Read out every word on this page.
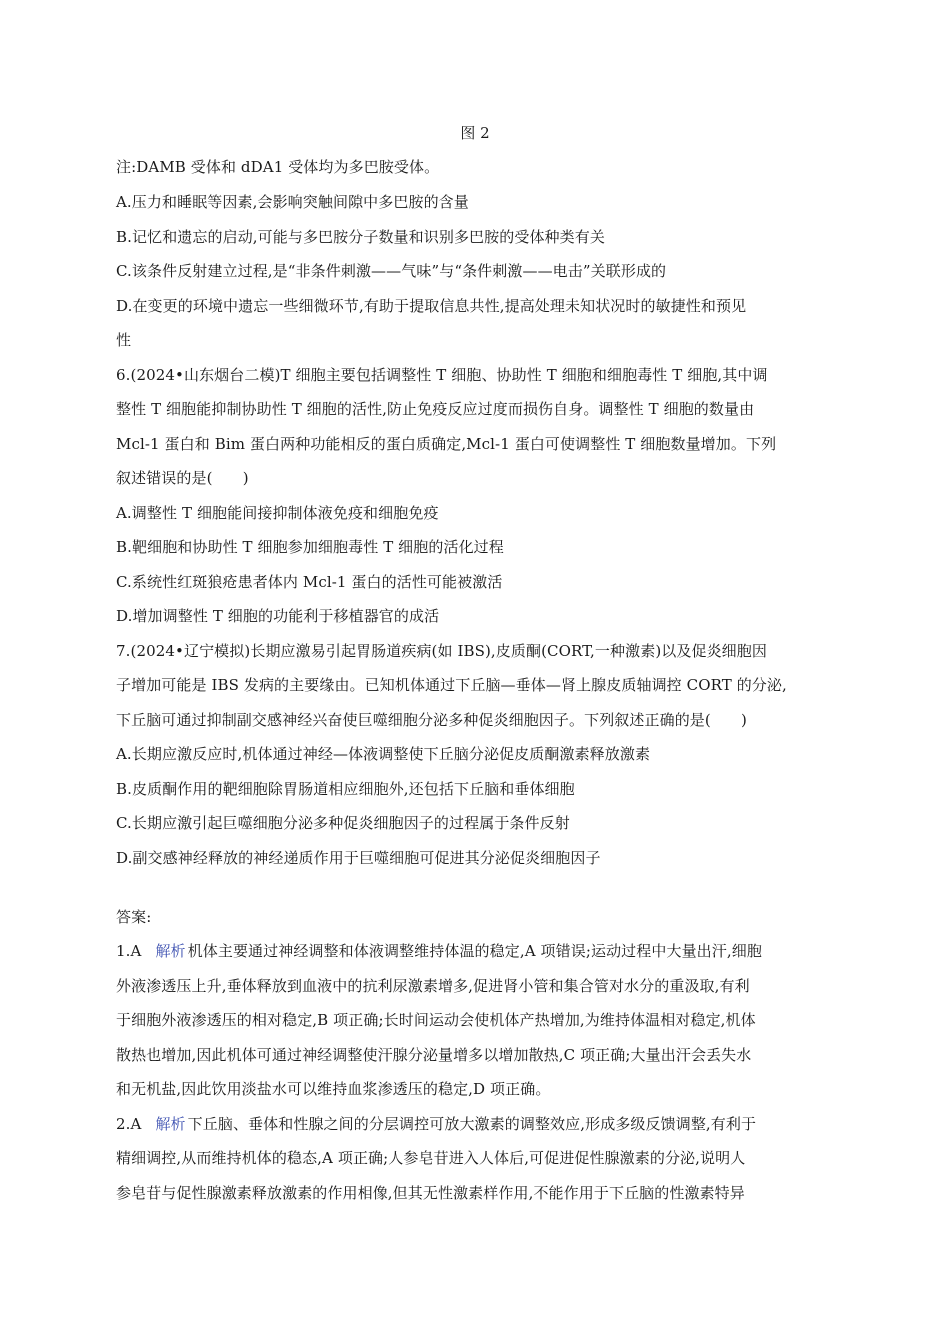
图 2
注:DAMB 受体和 dDA1 受体均为多巴胺受体。
A.压力和睡眠等因素,会影响突触间隙中多巴胺的含量
B.记忆和遗忘的启动,可能与多巴胺分子数量和识别多巴胺的受体种类有关
C.该条件反射建立过程,是“非条件刺激——气味”与“条件刺激——电击”关联形成的
D.在变更的环境中遗忘一些细微环节,有助于提取信息共性,提高处理未知状况时的敏捷性和预见
性
6.(2024•山东烟台二模)T 细胞主要包括调整性 T 细胞、协助性 T 细胞和细胞毒性 T 细胞,其中调
整性 T 细胞能抑制协助性 T 细胞的活性,防止免疫反应过度而损伤自身。调整性 T 细胞的数量由
Mcl-1 蛋白和 Bim 蛋白两种功能相反的蛋白质确定,Mcl-1 蛋白可使调整性 T 细胞数量增加。下列
叙述错误的是(　　)
A.调整性 T 细胞能间接抑制体液免疫和细胞免疫
B.靶细胞和协助性 T 细胞参加细胞毒性 T 细胞的活化过程
C.系统性红斑狼疮患者体内 Mcl-1 蛋白的活性可能被激活
D.增加调整性 T 细胞的功能利于移植器官的成活
7.(2024•辽宁模拟)长期应激易引起胃肠道疾病(如 IBS),皮质酮(CORT,一种激素)以及促炎细胞因
子增加可能是 IBS 发病的主要缘由。已知机体通过下丘脑—垂体—肾上腺皮质轴调控 CORT 的分泌,
下丘脑可通过抑制副交感神经兴奋使巨噬细胞分泌多种促炎细胞因子。下列叙述正确的是(　　)
A.长期应激反应时,机体通过神经—体液调整使下丘脑分泌促皮质酮激素释放激素
B.皮质酮作用的靶细胞除胃肠道相应细胞外,还包括下丘脑和垂体细胞
C.长期应激引起巨噬细胞分泌多种促炎细胞因子的过程属于条件反射
D.副交感神经释放的神经递质作用于巨噬细胞可促进其分泌促炎细胞因子
答案:
1.A 解析 机体主要通过神经调整和体液调整维持体温的稳定,A 项错误;运动过程中大量出汗,细胞
外液渗透压上升,垂体释放到血液中的抗利尿激素增多,促进肾小管和集合管对水分的重汲取,有利
于细胞外液渗透压的相对稳定,B 项正确;长时间运动会使机体产热增加,为维持体温相对稳定,机体
散热也增加,因此机体可通过神经调整使汗腺分泌量增多以增加散热,C 项正确;大量出汗会丢失水
和无机盐,因此饮用淡盐水可以维持血浆渗透压的稳定,D 项正确。
2.A 解析 下丘脑、垂体和性腺之间的分层调控可放大激素的调整效应,形成多级反馈调整,有利于
精细调控,从而维持机体的稳态,A 项正确;人参皂苷进入人体后,可促进促性腺激素的分泌,说明人
参皂苷与促性腺激素释放激素的作用相像,但其无性激素样作用,不能作用于下丘脑的性激素特异
